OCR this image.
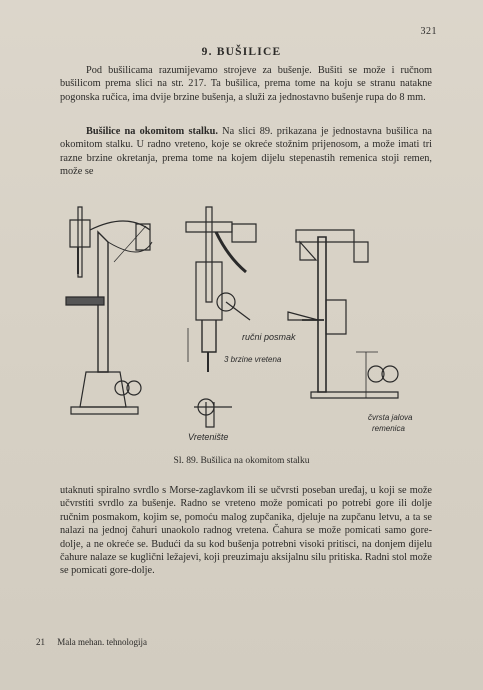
321
9. BUŠILICE
Pod bušilicama razumijevamo strojeve za bušenje. Bušiti se može i ručnom bušilicom prema slici na str. 217. Ta bušilica, prema tome na koju se stranu natakne pogonska ručica, ima dvije brzine bušenja, a služi za jednostavno bušenje rupa do 8 mm.
Bušilice na okomitom stalku. Na slici 89. prikazana je jednostavna bušilica na okomitom stalku. U radno vreteno, koje se okreće stožnim prijenosom, a može imati tri razne brzine okretanja, prema tome na kojem dijelu stepenastih remenica stoji remen, može se
ručni posmak
3 brzine vretena
Vretenište
čvrsta jalova
remenica
Sl. 89. Bušilica na okomitom stalku
utaknuti spiralno svrdlo s Morse-zaglavkom ili se učvrsti poseban uređaj, u koji se može učvrstiti svrdlo za bušenje. Radno se vreteno može pomicati po potrebi gore ili dolje ručnim posmakom, kojim se, pomoću malog zupčanika, djeluje na zupčanu letvu, a ta se nalazi na jednoj čahuri unaokolo radnog vretena. Čahura se može pomicati samo gore-dolje, a ne okreće se. Budući da su kod bušenja potrebni visoki pritisci, na donjem dijelu čahure nalaze se kuglični ležajevi, koji preuzimaju aksijalnu silu pritiska. Radni stol može se pomicati gore-dolje.
21 Mala mehan. tehnologija
